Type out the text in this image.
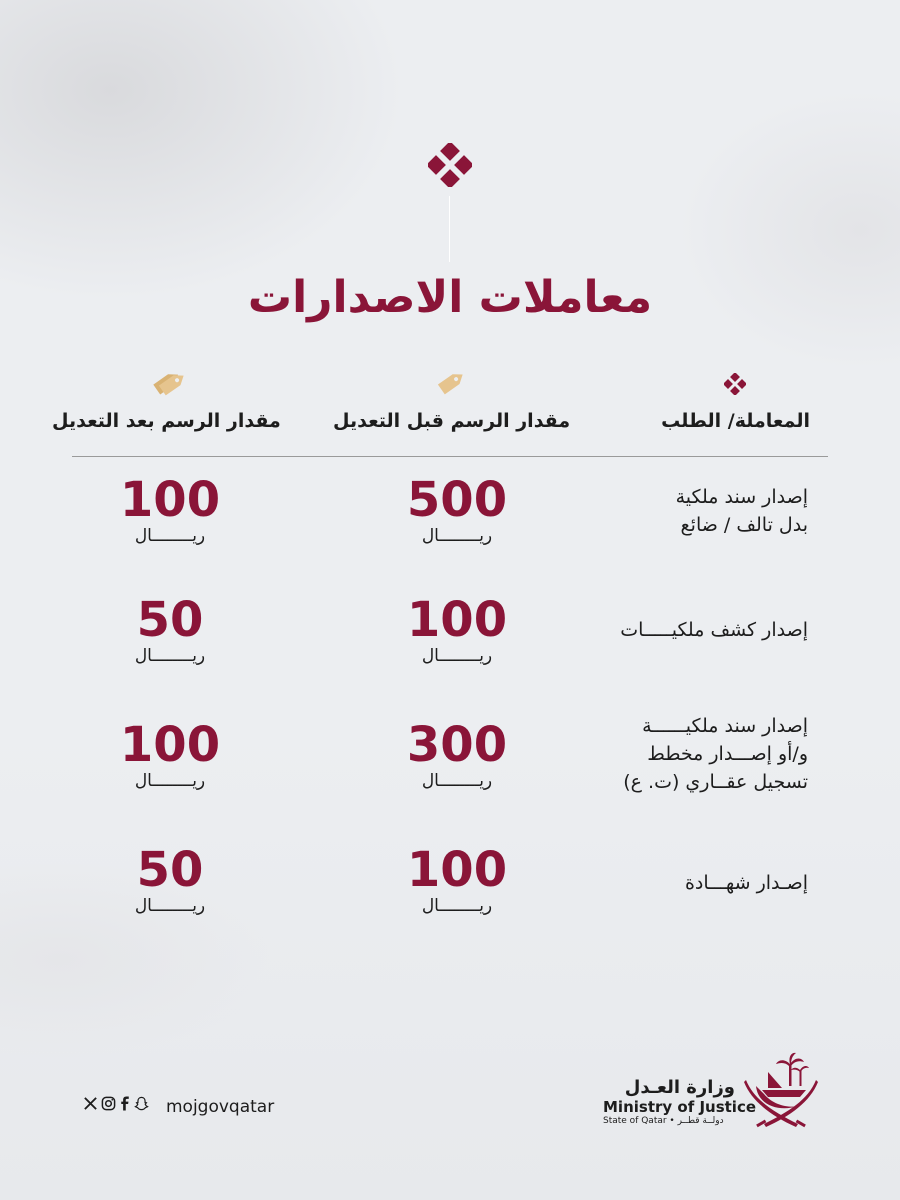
معاملات الاصدارات
المعاملة/ الطلب
مقدار الرسم قبل التعديل
مقدار الرسم بعد التعديل
إصدار سند ملكية
بدل تالف / ضائع
500
ريــــــــال
100
ريــــــــال
إصدار كشف ملكيـــــات
100
ريــــــــال
50
ريــــــــال
إصدار سند ملكيــــــة
و/أو إصـــدار مخطط
تسجيل عقــاري (ت. ع)
300
ريــــــــال
100
ريــــــــال
إصـدار شهـــادة
100
ريــــــــال
50
ريــــــــال
mojgovqatar
وزارة العـدل
Ministry of Justice
State of Qatar • دولــة قطــر
